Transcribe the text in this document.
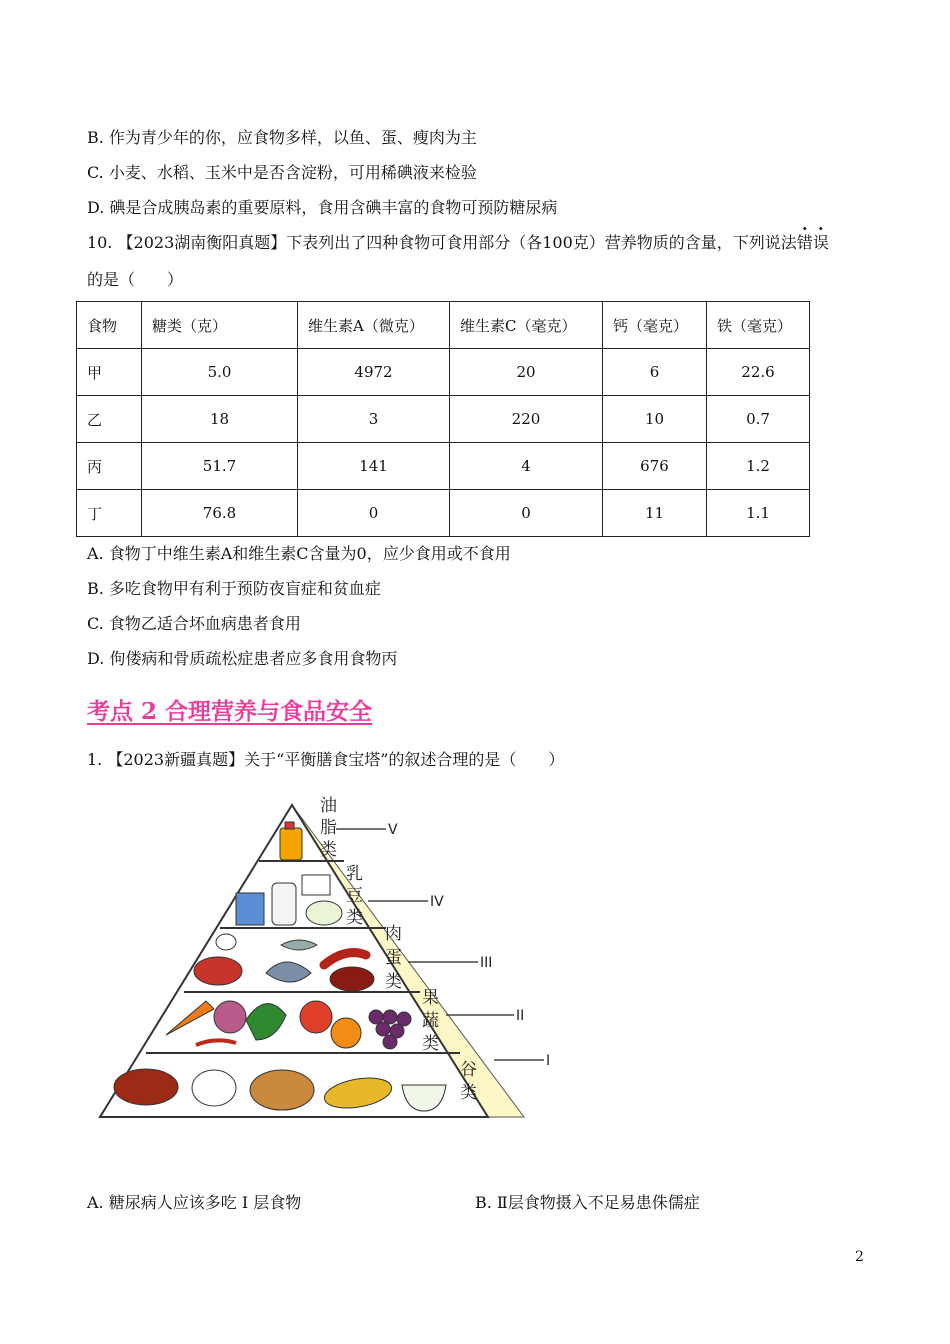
B. 作为青少年的你，应食物多样，以鱼、蛋、瘦肉为主
C. 小麦、水稻、玉米中是否含淀粉，可用稀碘液来检验
D. 碘是合成胰岛素的重要原料，食用含碘丰富的食物可预防糖尿病
10. 【2023湖南衡阳真题】下表列出了四种食物可食用部分（各100克）营养物质的含量，下列说法错误
的是（　　）
食物	糖类（克）	维生素A（微克）	维生素C（毫克）	钙（毫克）	铁（毫克）
甲	5.0	4972	20	6	22.6
乙	18	3	220	10	0.7
丙	51.7	141	4	676	1.2
丁	76.8	0	0	11	1.1
A. 食物丁中维生素A和维生素C含量为0，应少食用或不食用
B. 多吃食物甲有利于预防夜盲症和贫血症
C. 食物乙适合坏血病患者食用
D. 佝偻病和骨质疏松症患者应多食用食物丙
考点 2 合理营养与食品安全
1. 【2023新疆真题】关于“平衡膳食宝塔”的叙述合理的是（　　）
油
脂
类
乳
豆
类
肉
蛋
类
果
蔬
类
谷
类
V
IV
III
II
I
A. 糖尿病人应该多吃 I 层食物	B. Ⅱ层食物摄入不足易患侏儒症
2
